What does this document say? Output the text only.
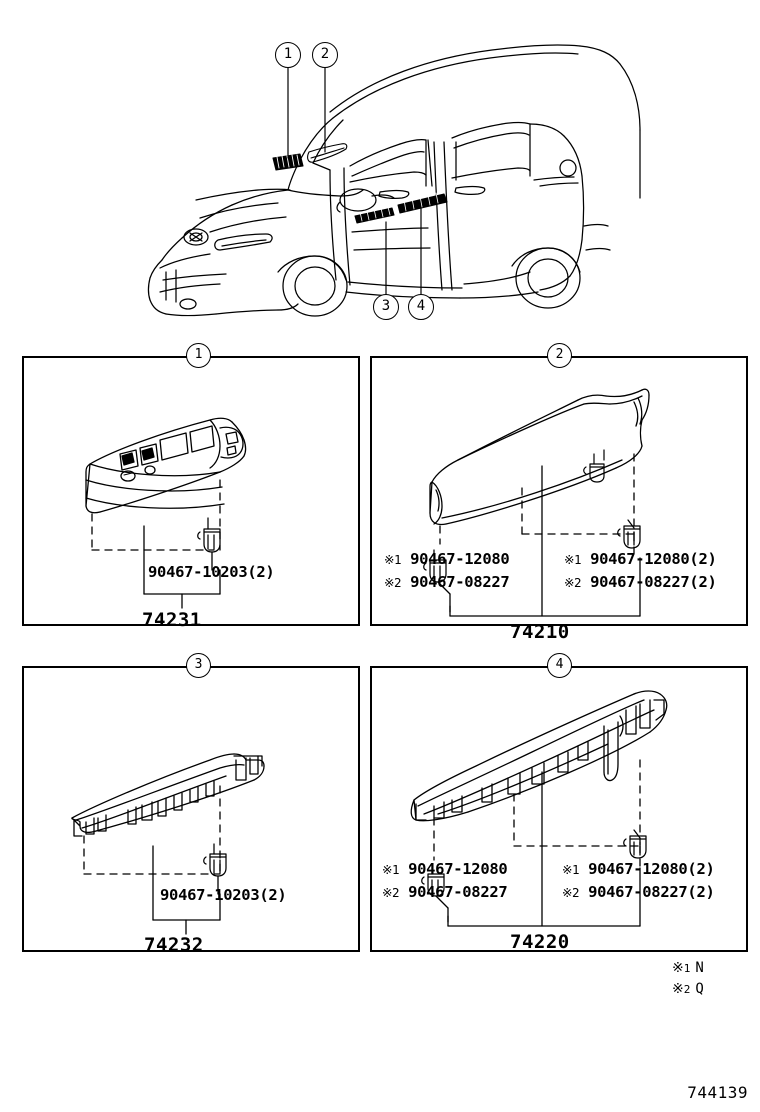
1	2
3	4
1
90467-10203(2)
74231
2
※1 90467-12080
※2 90467-08227
※1 90467-12080(2)
※2 90467-08227(2)
74210
3
90467-10203(2)
74232
4
※1 90467-12080
※2 90467-08227
※1 90467-12080(2)
※2 90467-08227(2)
74220
※1 N
※2 Q
744139
